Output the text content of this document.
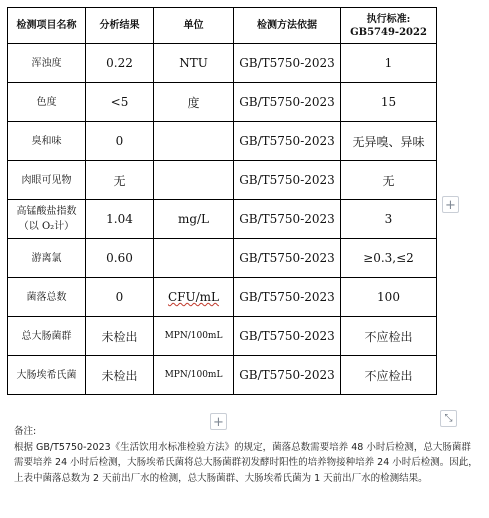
检测项目名称	分析结果	单位	检测方法依据	执行标准: GB5749-2022
浑浊度	0.22	NTU	GB/T5750-2023	1
色度	<5	度	GB/T5750-2023	15
臭和味	0		GB/T5750-2023	无异嗅、异味
肉眼可见物	无		GB/T5750-2023	无
高锰酸盐指数（以 O₂计）	1.04	mg/L	GB/T5750-2023	3
游离氯	0.60		GB/T5750-2023	≥0.3,≤2
菌落总数	0	CFU/mL	GB/T5750-2023	100
总大肠菌群	未检出	MPN/100mL	GB/T5750-2023	不应检出
大肠埃希氏菌	未检出	MPN/100mL	GB/T5750-2023	不应检出
+
+	⤡

备注:

根据 GB/T5750-2023《生活饮用水标准检验方法》的规定，菌落总数需要培养 48 小时后检测，总大肠菌群需要培养 24 小时后检测，大肠埃希氏菌将总大肠菌群初发酵时阳性的培养物接种培养 24 小时后检测。因此，上表中菌落总数为 2 天前出厂水的检测，总大肠菌群、大肠埃希氏菌为 1 天前出厂水的检测结果。
